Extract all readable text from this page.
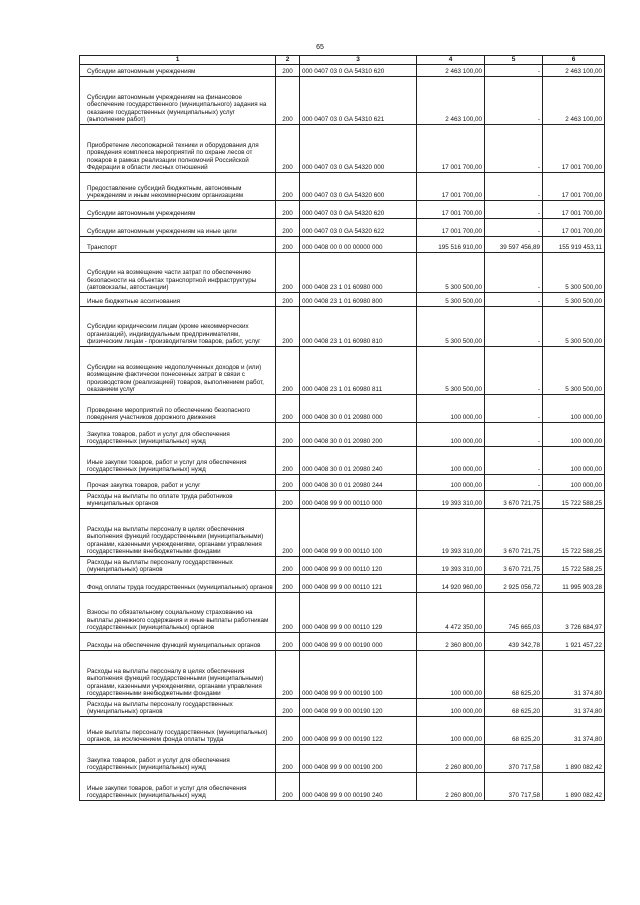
65
1	2	3	4	5	6
Субсидии автономным учреждениям	200	000 0407 03 0 GA 54310 620	2 463 100,00	-	2 463 100,00
Субсидии автономным учреждениям на финансовое обеспечение государственного (муниципального) задания на оказание государственных (муниципальных) услуг (выполнение работ)	200	000 0407 03 0 GA 54310 621	2 463 100,00	-	2 463 100,00
Приобретение лесопожарной техники и оборудования для проведения комплекса мероприятий по охране лесов от пожаров в рамках реализации полномочий Российской Федерации в области лесных отношений	200	000 0407 03 0 GA 54320 000	17 001 700,00	-	17 001 700,00
Предоставление субсидий бюджетным, автономным учреждениям и иным некоммерческим организациям	200	000 0407 03 0 GA 54320 600	17 001 700,00	-	17 001 700,00
Субсидии автономным учреждениям	200	000 0407 03 0 GA 54320 620	17 001 700,00	-	17 001 700,00
Субсидии автономным учреждениям на иные цели	200	000 0407 03 0 GA 54320 622	17 001 700,00	-	17 001 700,00
Транспорт	200	000 0408 00 0 00 00000 000	195 516 910,00	39 597 456,89	155 919 453,11
Субсидии на возмещение части затрат по обеспечению безопасности на объектах транспортной инфраструктуры (автовокзалы, автостанции)	200	000 0408 23 1 01 60980 000	5 300 500,00	-	5 300 500,00
Иные бюджетные ассигнования	200	000 0408 23 1 01 60980 800	5 300 500,00	-	5 300 500,00
Субсидии юридическим лицам (кроме некоммерческих организаций), индивидуальным предпринимателям, физическим лицам - производителям товаров, работ, услуг	200	000 0408 23 1 01 60980 810	5 300 500,00	-	5 300 500,00
Субсидии на возмещение недополученных доходов и (или) возмещение фактически понесенных затрат в связи с производством (реализацией) товаров, выполнением работ, оказанием услуг	200	000 0408 23 1 01 60980 811	5 300 500,00	-	5 300 500,00
Проведение мероприятий по обеспечению безопасного поведения участников дорожного движения	200	000 0408 30 0 01 20980 000	100 000,00	-	100 000,00
Закупка товаров, работ и услуг для обеспечения государственных (муниципальных) нужд	200	000 0408 30 0 01 20980 200	100 000,00	-	100 000,00
Иные закупки товаров, работ и услуг для обеспечения государственных (муниципальных) нужд	200	000 0408 30 0 01 20980 240	100 000,00	-	100 000,00
Прочая закупка товаров, работ и услуг	200	000 0408 30 0 01 20980 244	100 000,00	-	100 000,00
Расходы на выплаты по оплате труда работников муниципальных органов	200	000 0408 99 9 00 00110 000	19 393 310,00	3 670 721,75	15 722 588,25
Расходы на выплаты персоналу в целях обеспечения выполнения функций государственными (муниципальными) органами, казенными учреждениями, органами управления государственными внебюджетными фондами	200	000 0408 99 9 00 00110 100	19 393 310,00	3 670 721,75	15 722 588,25
Расходы на выплаты персоналу государственных (муниципальных) органов	200	000 0408 99 9 00 00110 120	19 393 310,00	3 670 721,75	15 722 588,25
Фонд оплаты труда государственных (муниципальных) органов	200	000 0408 99 9 00 00110 121	14 920 960,00	2 925 056,72	11 995 903,28
Взносы по обязательному социальному страхованию на выплаты денежного содержания и иные выплаты работникам государственных (муниципальных) органов	200	000 0408 99 9 00 00110 129	4 472 350,00	745 665,03	3 726 684,97
Расходы на обеспечение функций муниципальных органов	200	000 0408 99 9 00 00190 000	2 360 800,00	439 342,78	1 921 457,22
Расходы на выплаты персоналу в целях обеспечения выполнения функций государственными (муниципальными) органами, казенными учреждениями, органами управления государственными внебюджетными фондами	200	000 0408 99 9 00 00190 100	100 000,00	68 625,20	31 374,80
Расходы на выплаты персоналу государственных (муниципальных) органов	200	000 0408 99 9 00 00190 120	100 000,00	68 625,20	31 374,80
Иные выплаты персоналу государственных (муниципальных) органов, за исключением фонда оплаты труда	200	000 0408 99 9 00 00190 122	100 000,00	68 625,20	31 374,80
Закупка товаров, работ и услуг для обеспечения государственных (муниципальных) нужд	200	000 0408 99 9 00 00190 200	2 260 800,00	370 717,58	1 890 082,42
Иные закупки товаров, работ и услуг для обеспечения государственных (муниципальных) нужд	200	000 0408 99 9 00 00190 240	2 260 800,00	370 717,58	1 890 082,42
